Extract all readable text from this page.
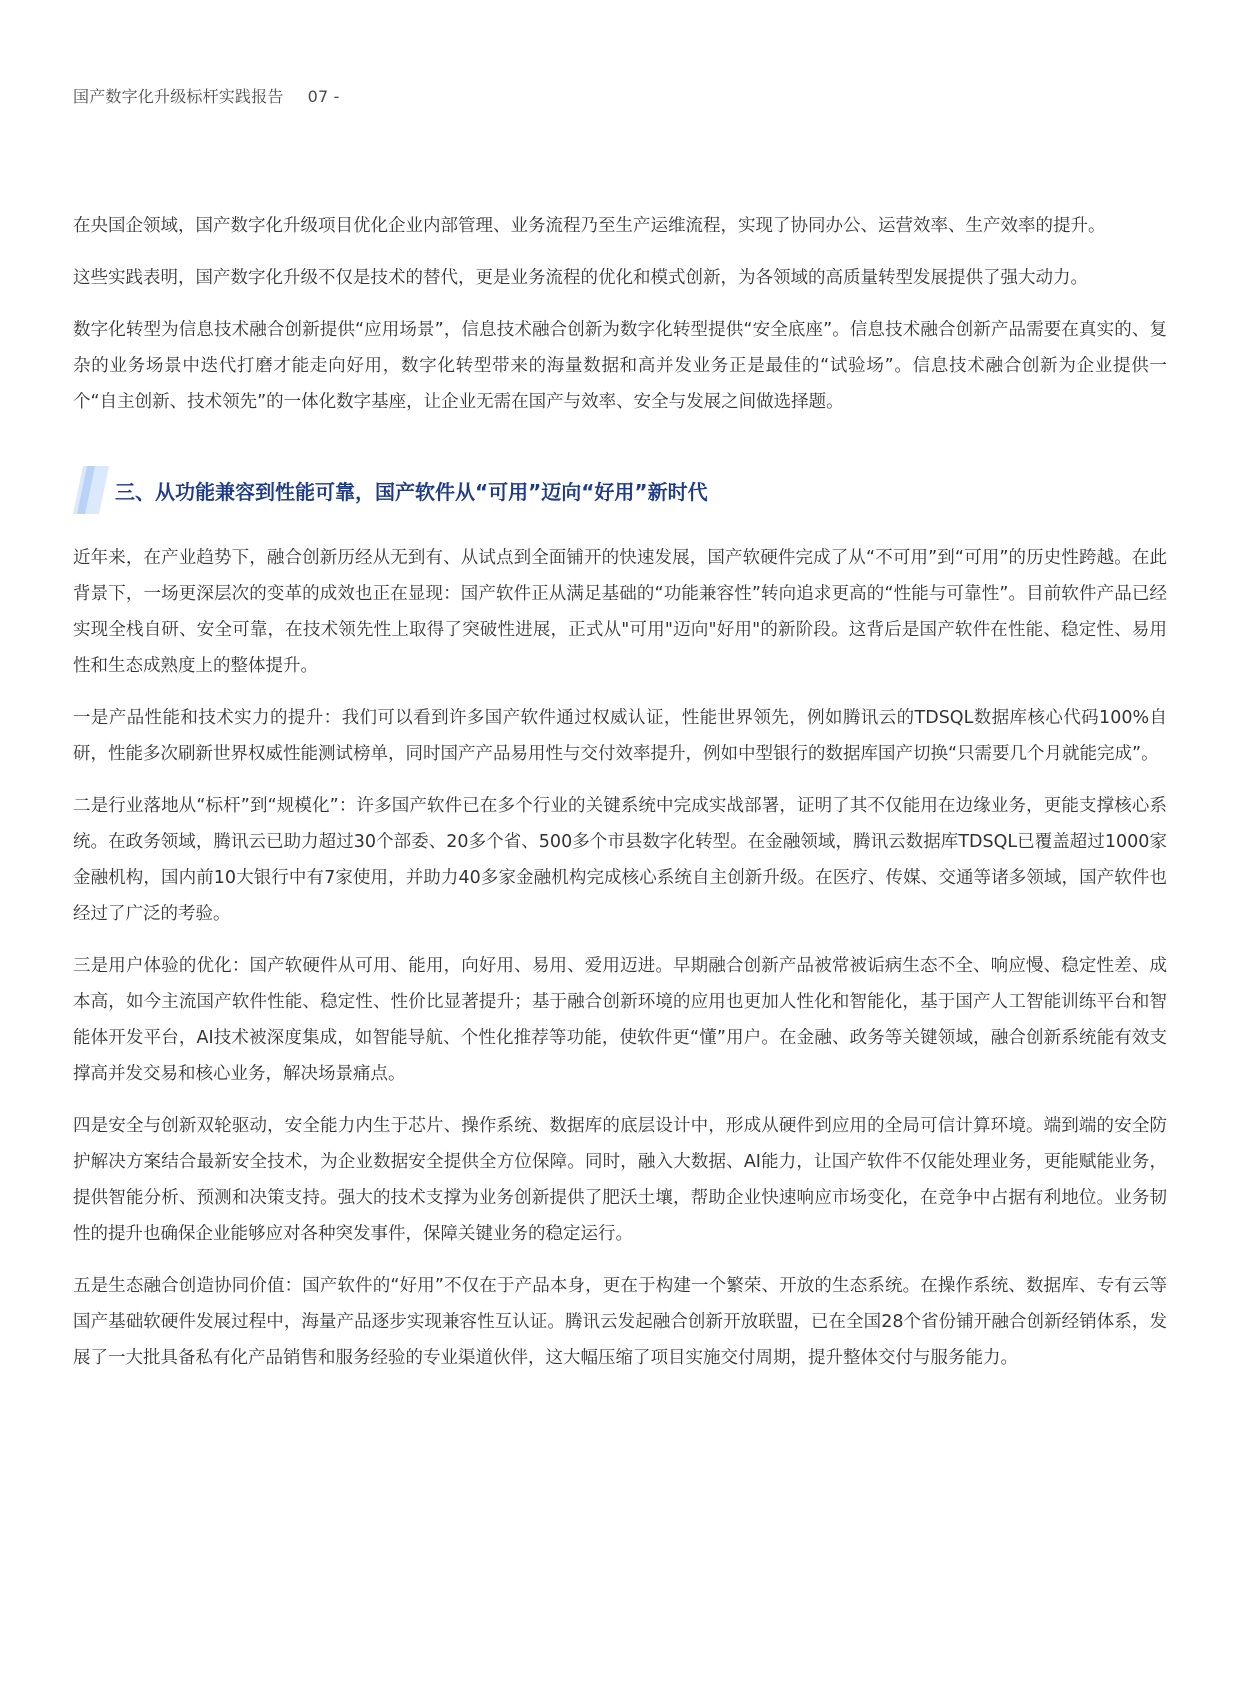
国产数字化升级标杆实践报告 07 -

在央国企领域，国产数字化升级项目优化企业内部管理、业务流程乃至生产运维流程，实现了协同办公、运营效率、生产效率的提升。

这些实践表明，国产数字化升级不仅是技术的替代，更是业务流程的优化和模式创新，为各领域的高质量转型发展提供了强大动力。

数字化转型为信息技术融合创新提供“应用场景”，信息技术融合创新为数字化转型提供“安全底座”。信息技术融合创新产品需要在真实的、复杂的业务场景中迭代打磨才能走向好用，数字化转型带来的海量数据和高并发业务正是最佳的“试验场”。信息技术融合创新为企业提供一个“自主创新、技术领先”的一体化数字基座，让企业无需在国产与效率、安全与发展之间做选择题。

三、从功能兼容到性能可靠，国产软件从“可用”迈向“好用”新时代

近年来，在产业趋势下，融合创新历经从无到有、从试点到全面铺开的快速发展，国产软硬件完成了从“不可用”到“可用”的历史性跨越。在此背景下，一场更深层次的变革的成效也正在显现：国产软件正从满足基础的“功能兼容性”转向追求更高的“性能与可靠性”。目前软件产品已经实现全栈自研、安全可靠，在技术领先性上取得了突破性进展，正式从"可用"迈向"好用"的新阶段。这背后是国产软件在性能、稳定性、易用性和生态成熟度上的整体提升。

一是产品性能和技术实力的提升：我们可以看到许多国产软件通过权威认证，性能世界领先，例如腾讯云的TDSQL数据库核心代码100%自研，性能多次刷新世界权威性能测试榜单，同时国产产品易用性与交付效率提升，例如中型银行的数据库国产切换“只需要几个月就能完成”。

二是行业落地从“标杆”到“规模化”：许多国产软件已在多个行业的关键系统中完成实战部署，证明了其不仅能用在边缘业务，更能支撑核心系统。在政务领域，腾讯云已助力超过30个部委、20多个省、500多个市县数字化转型。在金融领域，腾讯云数据库TDSQL已覆盖超过1000家金融机构，国内前10大银行中有7家使用，并助力40多家金融机构完成核心系统自主创新升级。在医疗、传媒、交通等诸多领域，国产软件也经过了广泛的考验。

三是用户体验的优化：国产软硬件从可用、能用，向好用、易用、爱用迈进。早期融合创新产品被常被诟病生态不全、响应慢、稳定性差、成本高，如今主流国产软件性能、稳定性、性价比显著提升；基于融合创新环境的应用也更加人性化和智能化，基于国产人工智能训练平台和智能体开发平台，AI技术被深度集成，如智能导航、个性化推荐等功能，使软件更“懂”用户。在金融、政务等关键领域，融合创新系统能有效支撑高并发交易和核心业务，解决场景痛点。

四是安全与创新双轮驱动，安全能力内生于芯片、操作系统、数据库的底层设计中，形成从硬件到应用的全局可信计算环境。端到端的安全防护解决方案结合最新安全技术，为企业数据安全提供全方位保障。同时，融入大数据、AI能力，让国产软件不仅能处理业务，更能赋能业务，提供智能分析、预测和决策支持。强大的技术支撑为业务创新提供了肥沃土壤，帮助企业快速响应市场变化，在竞争中占据有利地位。业务韧性的提升也确保企业能够应对各种突发事件，保障关键业务的稳定运行。

五是生态融合创造协同价值：国产软件的“好用”不仅在于产品本身，更在于构建一个繁荣、开放的生态系统。在操作系统、数据库、专有云等国产基础软硬件发展过程中，海量产品逐步实现兼容性互认证。腾讯云发起融合创新开放联盟，已在全国28个省份铺开融合创新经销体系，发展了一大批具备私有化产品销售和服务经验的专业渠道伙伴，这大幅压缩了项目实施交付周期，提升整体交付与服务能力。
